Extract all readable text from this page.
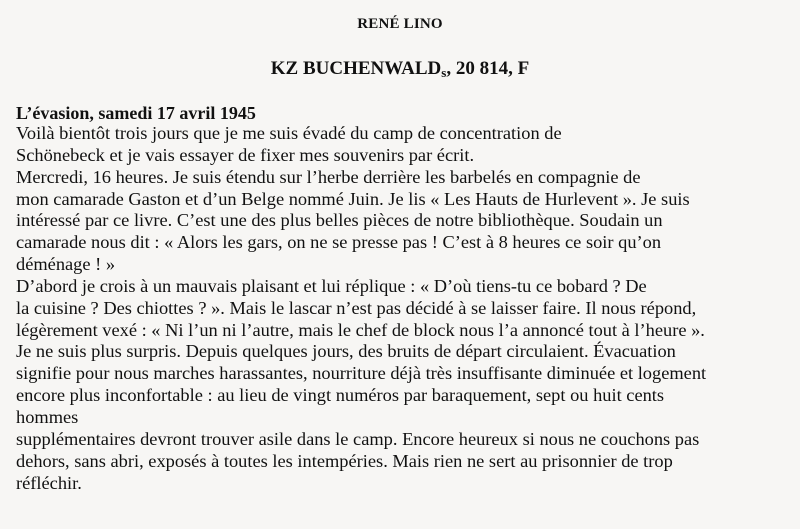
RENÉ LINO
KZ BUCHENWALDs, 20 814, F
L’évasion, samedi 17 avril 1945
Voilà bientôt trois jours que je me suis évadé du camp de concentration de
Schönebeck et je vais essayer de fixer mes souvenirs par écrit.
Mercredi, 16 heures. Je suis étendu sur l’herbe derrière les barbelés en compagnie de
mon camarade Gaston et d’un Belge nommé Juin. Je lis « Les Hauts de Hurlevent ». Je suis
intéressé par ce livre. C’est une des plus belles pièces de notre bibliothèque. Soudain un
camarade nous dit : « Alors les gars, on ne se presse pas ! C’est à 8 heures ce soir qu’on
déménage ! »
D’abord je crois à un mauvais plaisant et lui réplique : « D’où tiens-tu ce bobard ? De
la cuisine ? Des chiottes ? ». Mais le lascar n’est pas décidé à se laisser faire. Il nous répond,
légèrement vexé : « Ni l’un ni l’autre, mais le chef de block nous l’a annoncé tout à l’heure ».
Je ne suis plus surpris. Depuis quelques jours, des bruits de départ circulaient. Évacuation
signifie pour nous marches harassantes, nourriture déjà très insuffisante diminuée et logement
encore plus inconfortable : au lieu de vingt numéros par baraquement, sept ou huit cents
hommes
supplémentaires devront trouver asile dans le camp. Encore heureux si nous ne couchons pas
dehors, sans abri, exposés à toutes les intempéries. Mais rien ne sert au prisonnier de trop
réfléchir.
